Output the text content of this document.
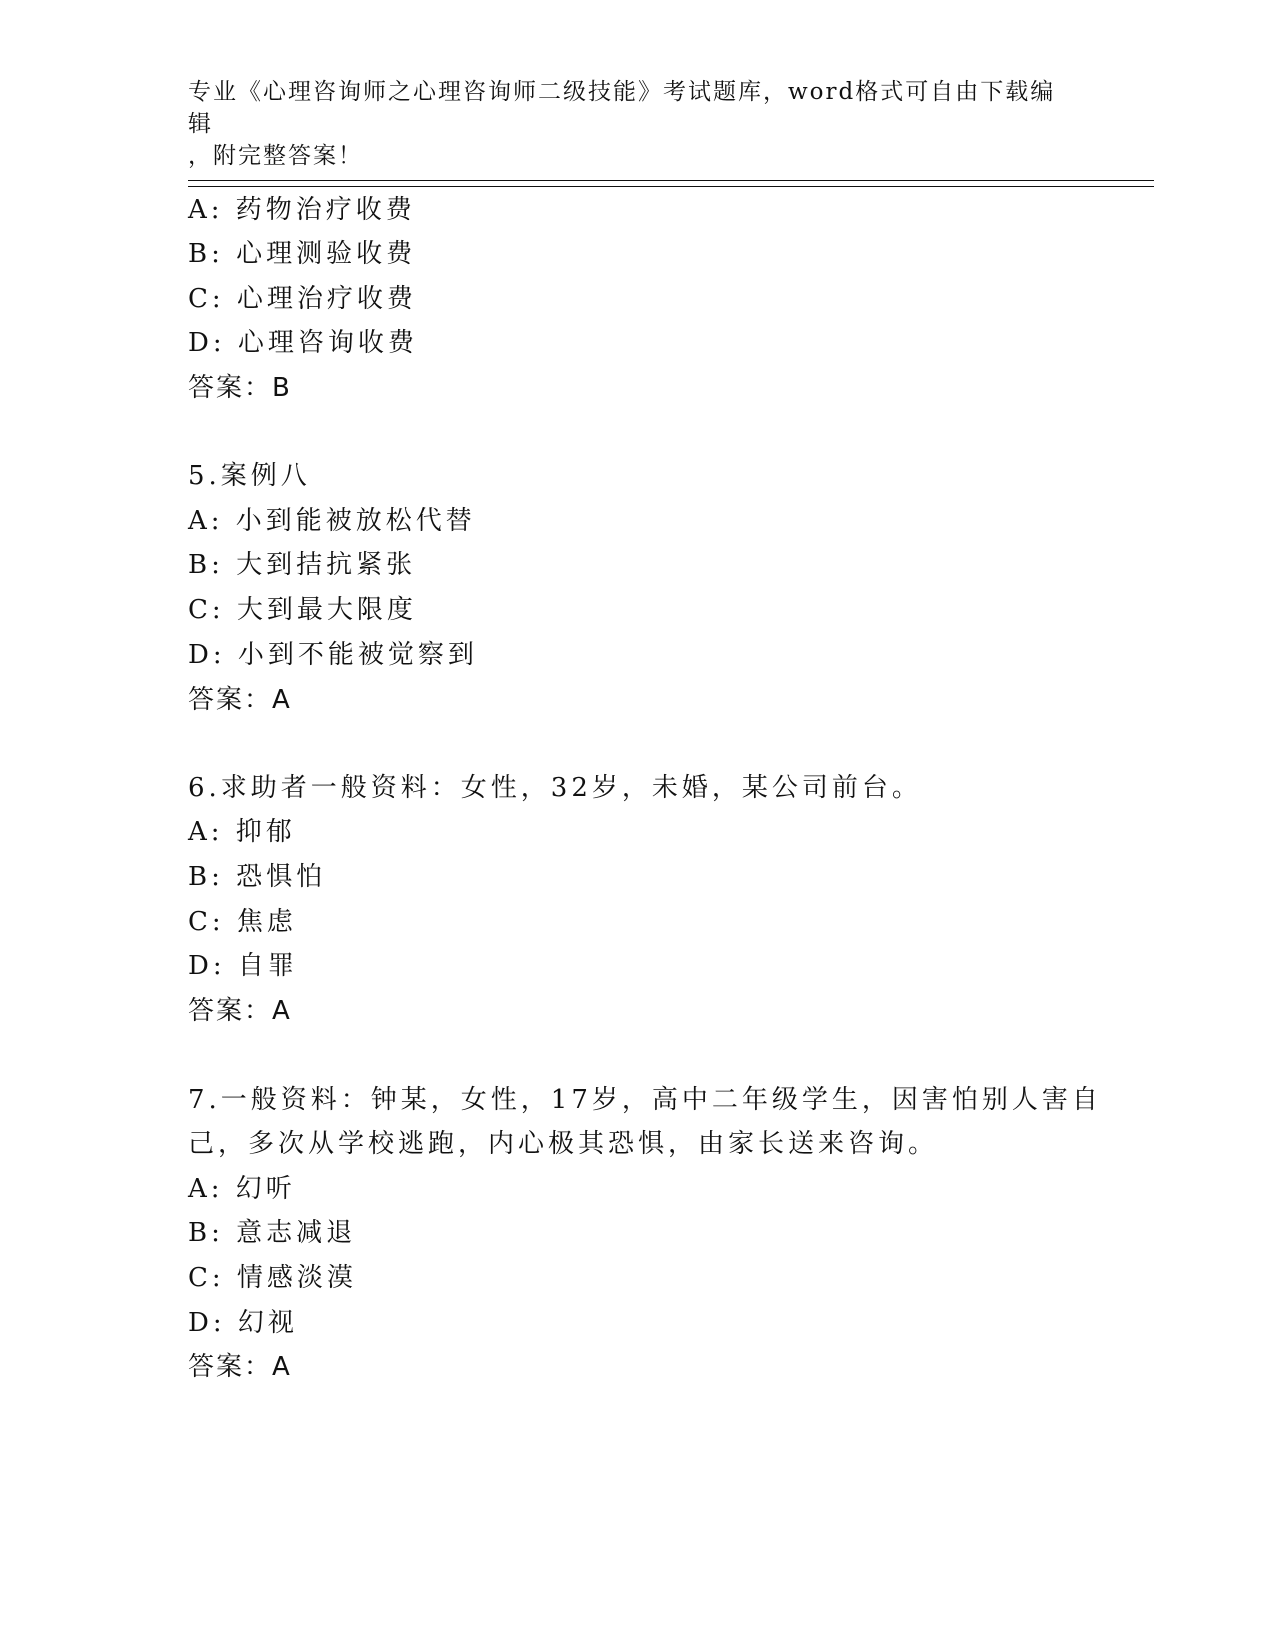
专业《心理咨询师之心理咨询师二级技能》考试题库，word格式可自由下载编辑
，附完整答案！
A: 药物治疗收费
B: 心理测验收费
C: 心理治疗收费
D: 心理咨询收费
答案：B
5.案例八
A: 小到能被放松代替
B: 大到拮抗紧张
C: 大到最大限度
D: 小到不能被觉察到
答案：A
6.求助者一般资料：女性，32岁，未婚，某公司前台。
A: 抑郁
B: 恐惧怕
C: 焦虑
D: 自罪
答案：A
7.一般资料：钟某，女性，17岁，高中二年级学生，因害怕别人害自
己，多次从学校逃跑，内心极其恐惧，由家长送来咨询。
A: 幻听
B: 意志减退
C: 情感淡漠
D: 幻视
答案：A
